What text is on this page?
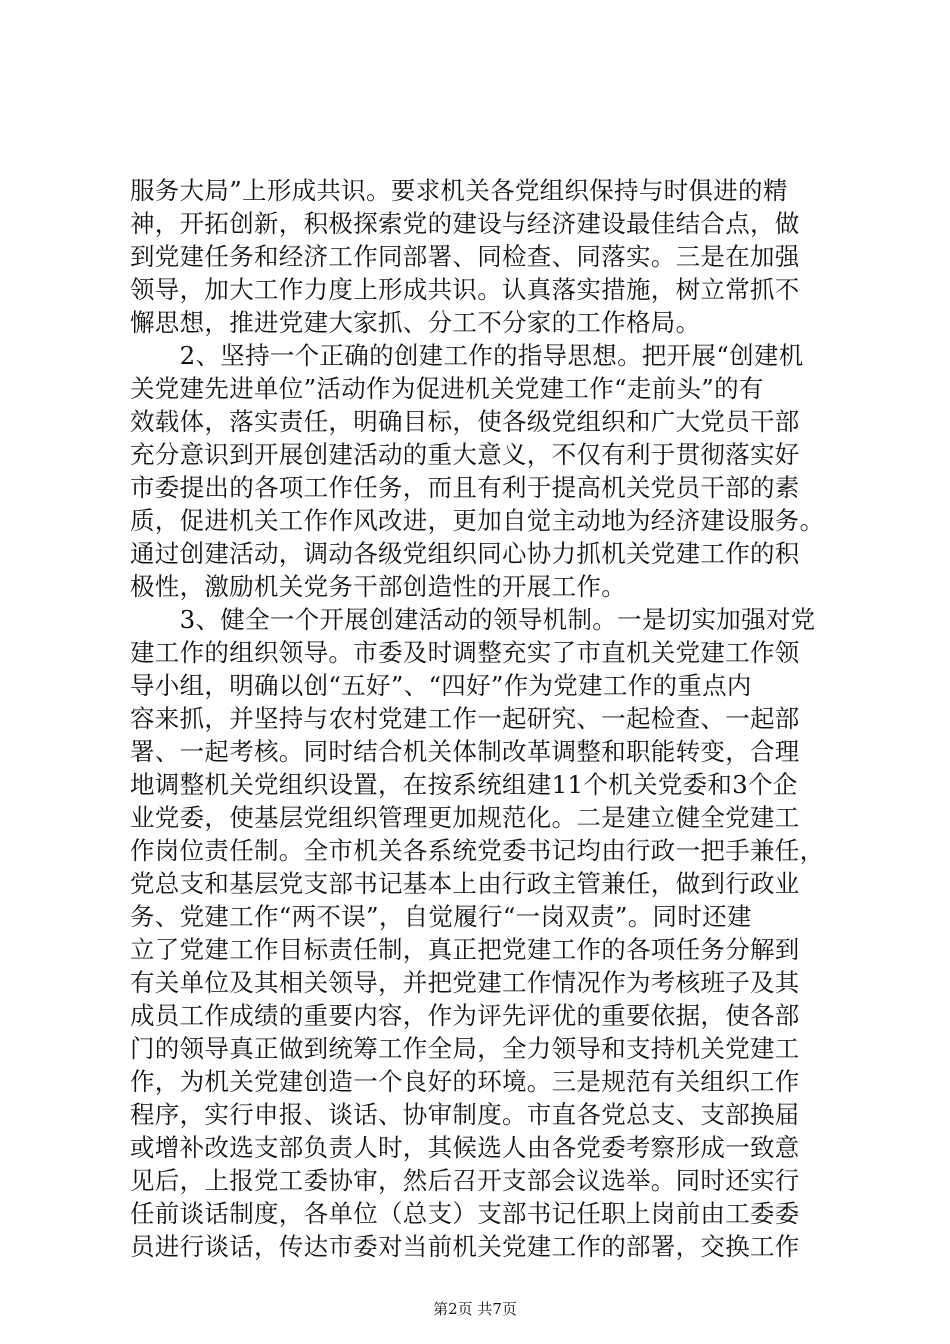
服务大局”上形成共识。要求机关各党组织保持与时俱进的精
神，开拓创新，积极探索党的建设与经济建设最佳结合点，做
到党建任务和经济工作同部署、同检查、同落实。三是在加强
领导，加大工作力度上形成共识。认真落实措施，树立常抓不
懈思想，推进党建大家抓、分工不分家的工作格局。
　　2、坚持一个正确的创建工作的指导思想。把开展“创建机
关党建先进单位”活动作为促进机关党建工作“走前头”的有
效载体，落实责任，明确目标，使各级党组织和广大党员干部
充分意识到开展创建活动的重大意义，不仅有利于贯彻落实好
市委提出的各项工作任务，而且有利于提高机关党员干部的素
质，促进机关工作作风改进，更加自觉主动地为经济建设服务。
通过创建活动，调动各级党组织同心协力抓机关党建工作的积
极性，激励机关党务干部创造性的开展工作。
　　3、健全一个开展创建活动的领导机制。一是切实加强对党
建工作的组织领导。市委及时调整充实了市直机关党建工作领
导小组，明确以创“五好”、“四好”作为党建工作的重点内
容来抓，并坚持与农村党建工作一起研究、一起检查、一起部
署、一起考核。同时结合机关体制改革调整和职能转变，合理
地调整机关党组织设置，在按系统组建11个机关党委和3个企
业党委，使基层党组织管理更加规范化。二是建立健全党建工
作岗位责任制。全市机关各系统党委书记均由行政一把手兼任，
党总支和基层党支部书记基本上由行政主管兼任，做到行政业
务、党建工作“两不误”，自觉履行“一岗双责”。同时还建
立了党建工作目标责任制，真正把党建工作的各项任务分解到
有关单位及其相关领导，并把党建工作情况作为考核班子及其
成员工作成绩的重要内容，作为评先评优的重要依据，使各部
门的领导真正做到统筹工作全局，全力领导和支持机关党建工
作，为机关党建创造一个良好的环境。三是规范有关组织工作
程序，实行申报、谈话、协审制度。市直各党总支、支部换届
或增补改选支部负责人时，其候选人由各党委考察形成一致意
见后，上报党工委协审，然后召开支部会议选举。同时还实行
任前谈话制度，各单位（总支）支部书记任职上岗前由工委委
员进行谈话，传达市委对当前机关党建工作的部署，交换工作
第2页 共7页
